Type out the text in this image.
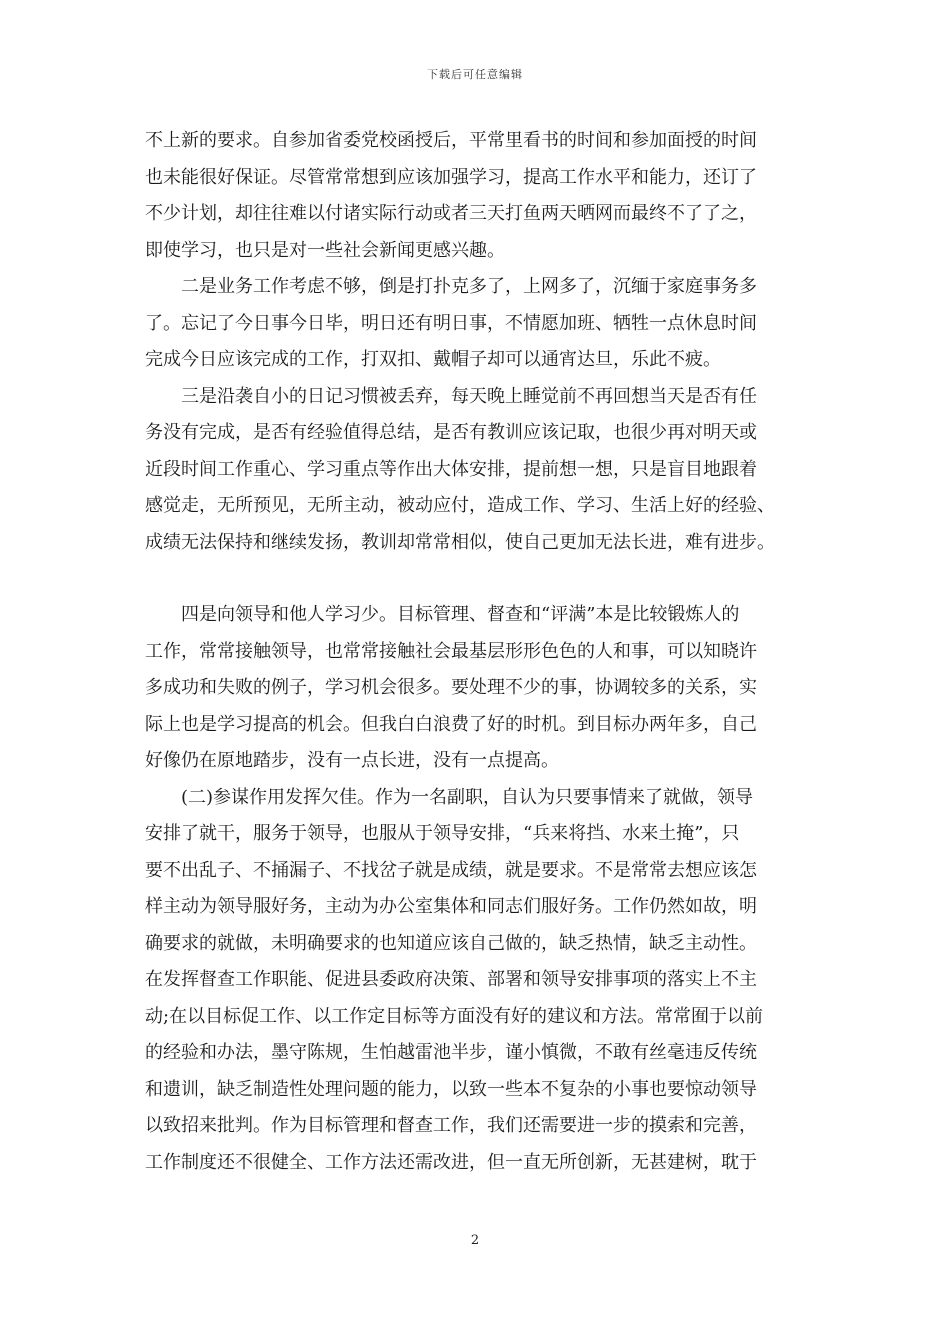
下载后可任意编辑
不上新的要求。自参加省委党校函授后，平常里看书的时间和参加面授的时间
也未能很好保证。尽管常常想到应该加强学习，提高工作水平和能力，还订了
不少计划，却往往难以付诸实际行动或者三天打鱼两天晒网而最终不了了之，
即使学习，也只是对一些社会新闻更感兴趣。
二是业务工作考虑不够，倒是打扑克多了，上网多了，沉缅于家庭事务多
了。忘记了今日事今日毕，明日还有明日事，不情愿加班、牺牲一点休息时间
完成今日应该完成的工作，打双扣、戴帽子却可以通宵达旦，乐此不疲。
三是沿袭自小的日记习惯被丢弃，每天晚上睡觉前不再回想当天是否有任
务没有完成，是否有经验值得总结，是否有教训应该记取，也很少再对明天或
近段时间工作重心、学习重点等作出大体安排，提前想一想，只是盲目地跟着
感觉走，无所预见，无所主动，被动应付，造成工作、学习、生活上好的经验、
成绩无法保持和继续发扬，教训却常常相似，使自己更加无法长进，难有进步。
四是向领导和他人学习少。目标管理、督查和“评满”本是比较锻炼人的
工作，常常接触领导，也常常接触社会最基层形形色色的人和事，可以知晓许
多成功和失败的例子，学习机会很多。要处理不少的事，协调较多的关系，实
际上也是学习提高的机会。但我白白浪费了好的时机。到目标办两年多，自己
好像仍在原地踏步，没有一点长进，没有一点提高。
(二)参谋作用发挥欠佳。作为一名副职，自认为只要事情来了就做，领导
安排了就干，服务于领导，也服从于领导安排，“兵来将挡、水来土掩”，只
要不出乱子、不捅漏子、不找岔子就是成绩，就是要求。不是常常去想应该怎
样主动为领导服好务，主动为办公室集体和同志们服好务。工作仍然如故，明
确要求的就做，未明确要求的也知道应该自己做的，缺乏热情，缺乏主动性。
在发挥督查工作职能、促进县委政府决策、部署和领导安排事项的落实上不主
动;在以目标促工作、以工作定目标等方面没有好的建议和方法。常常囿于以前
的经验和办法，墨守陈规，生怕越雷池半步，谨小慎微，不敢有丝毫违反传统
和遗训，缺乏制造性处理问题的能力，以致一些本不复杂的小事也要惊动领导
以致招来批判。作为目标管理和督查工作，我们还需要进一步的摸索和完善，
工作制度还不很健全、工作方法还需改进，但一直无所创新，无甚建树，耽于
2
